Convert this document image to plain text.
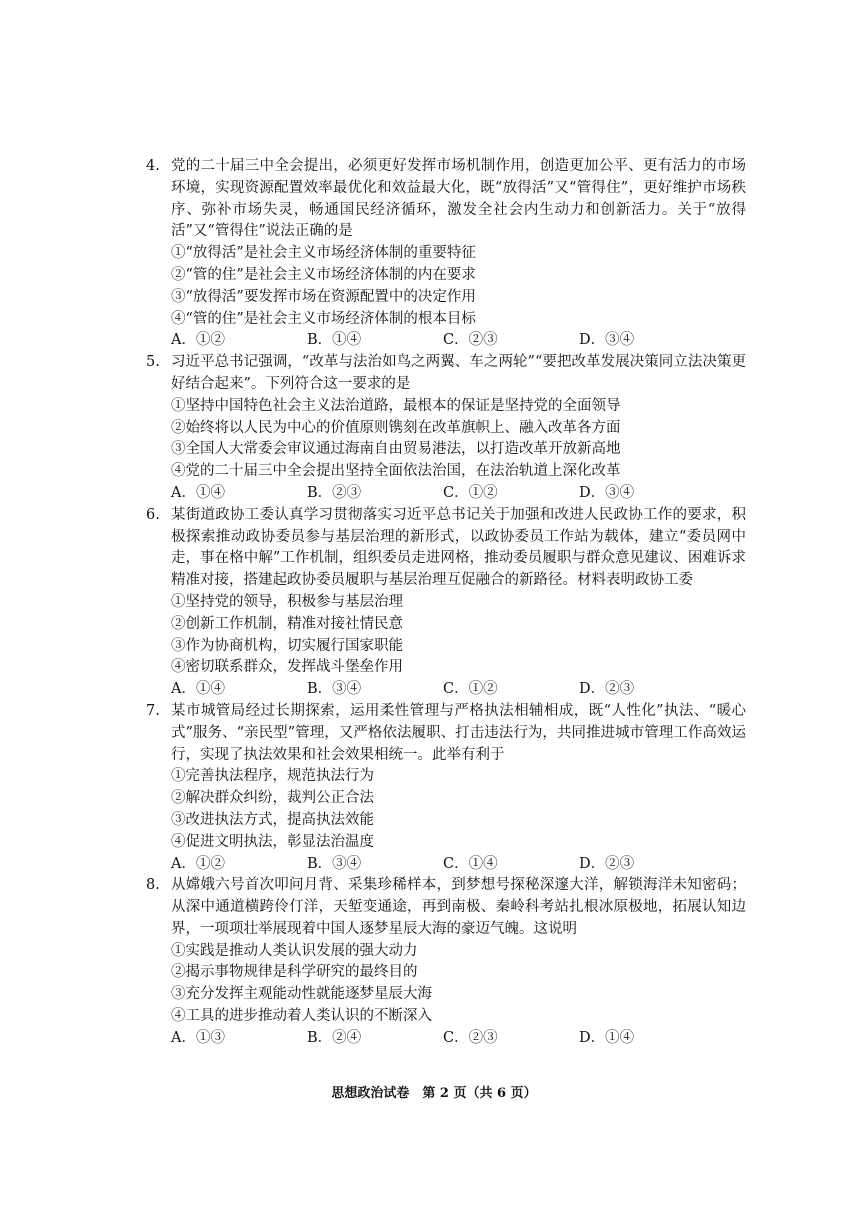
4. 党的二十届三中全会提出，必须更好发挥市场机制作用，创造更加公平、更有活力的市场环境，实现资源配置效率最优化和效益最大化，既“放得活”又“管得住”，更好维护市场秩序、弥补市场失灵，畅通国民经济循环，激发全社会内生动力和创新活力。关于“放得活”又“管得住”说法正确的是
①“放得活”是社会主义市场经济体制的重要特征
②“管的住”是社会主义市场经济体制的内在要求
③“放得活”要发挥市场在资源配置中的决定作用
④“管的住”是社会主义市场经济体制的根本目标
A．①②	B．①④	C．②③	D．③④
5. 习近平总书记强调，“改革与法治如鸟之两翼、车之两轮”“要把改革发展决策同立法决策更好结合起来”。下列符合这一要求的是
①坚持中国特色社会主义法治道路，最根本的保证是坚持党的全面领导
②始终将以人民为中心的价值原则镌刻在改革旗帜上、融入改革各方面
③全国人大常委会审议通过海南自由贸易港法，以打造改革开放新高地
④党的二十届三中全会提出坚持全面依法治国，在法治轨道上深化改革
A．①④	B．②③	C．①②	D．③④
6. 某街道政协工委认真学习贯彻落实习近平总书记关于加强和改进人民政协工作的要求，积极探索推动政协委员参与基层治理的新形式，以政协委员工作站为载体，建立“委员网中走，事在格中解”工作机制，组织委员走进网格，推动委员履职与群众意见建议、困难诉求精准对接，搭建起政协委员履职与基层治理互促融合的新路径。材料表明政协工委
①坚持党的领导，积极参与基层治理
②创新工作机制，精准对接社情民意
③作为协商机构，切实履行国家职能
④密切联系群众，发挥战斗堡垒作用
A．①④	B．③④	C．①②	D．②③
7. 某市城管局经过长期探索，运用柔性管理与严格执法相辅相成，既“人性化”执法、“暖心式”服务、“亲民型”管理，又严格依法履职、打击违法行为，共同推进城市管理工作高效运行，实现了执法效果和社会效果相统一。此举有利于
①完善执法程序，规范执法行为
②解决群众纠纷，裁判公正合法
③改进执法方式，提高执法效能
④促进文明执法，彰显法治温度
A．①②	B．③④	C．①④	D．②③
8. 从嫦娥六号首次叩问月背、采集珍稀样本，到梦想号探秘深邃大洋，解锁海洋未知密码；从深中通道横跨伶仃洋，天堑变通途，再到南极、秦岭科考站扎根冰原极地，拓展认知边界，一项项壮举展现着中国人逐梦星辰大海的豪迈气魄。这说明
①实践是推动人类认识发展的强大动力
②揭示事物规律是科学研究的最终目的
③充分发挥主观能动性就能逐梦星辰大海
④工具的进步推动着人类认识的不断深入
A．①③	B．②④	C．②③	D．①④
思想政治试卷　第 2 页（共 6 页）
